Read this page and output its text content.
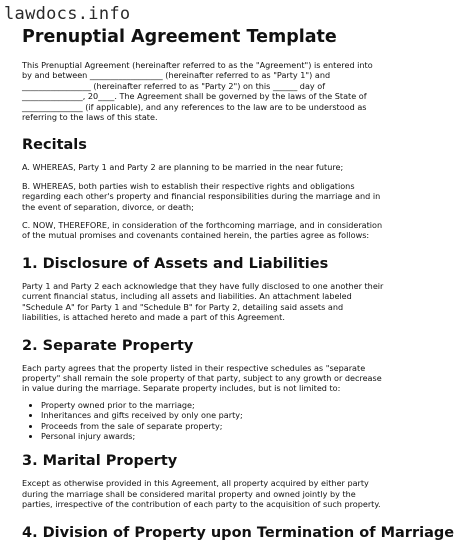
lawdocs.info
Prenuptial Agreement Template

This Prenuptial Agreement (hereinafter referred to as the "Agreement") is entered into by and between __________________ (hereinafter referred to as "Party 1") and _________________ (hereinafter referred to as "Party 2") on this ______ day of _______________, 20____. The Agreement shall be governed by the laws of the State of _______________ (if applicable), and any references to the law are to be understood as referring to the laws of this state.

Recitals

A. WHEREAS, Party 1 and Party 2 are planning to be married in the near future;

B. WHEREAS, both parties wish to establish their respective rights and obligations regarding each other's property and financial responsibilities during the marriage and in the event of separation, divorce, or death;

C. NOW, THEREFORE, in consideration of the forthcoming marriage, and in consideration of the mutual promises and covenants contained herein, the parties agree as follows:

1. Disclosure of Assets and Liabilities

Party 1 and Party 2 each acknowledge that they have fully disclosed to one another their current financial status, including all assets and liabilities. An attachment labeled "Schedule A" for Party 1 and "Schedule B" for Party 2, detailing said assets and liabilities, is attached hereto and made a part of this Agreement.

2. Separate Property

Each party agrees that the property listed in their respective schedules as "separate property" shall remain the sole property of that party, subject to any growth or decrease in value during the marriage. Separate property includes, but is not limited to:

• Property owned prior to the marriage;
• Inheritances and gifts received by only one party;
• Proceeds from the sale of separate property;
• Personal injury awards;
3. Marital Property

Except as otherwise provided in this Agreement, all property acquired by either party during the marriage shall be considered marital property and owned jointly by the parties, irrespective of the contribution of each party to the acquisition of such property.

4. Division of Property upon Termination of Marriage
